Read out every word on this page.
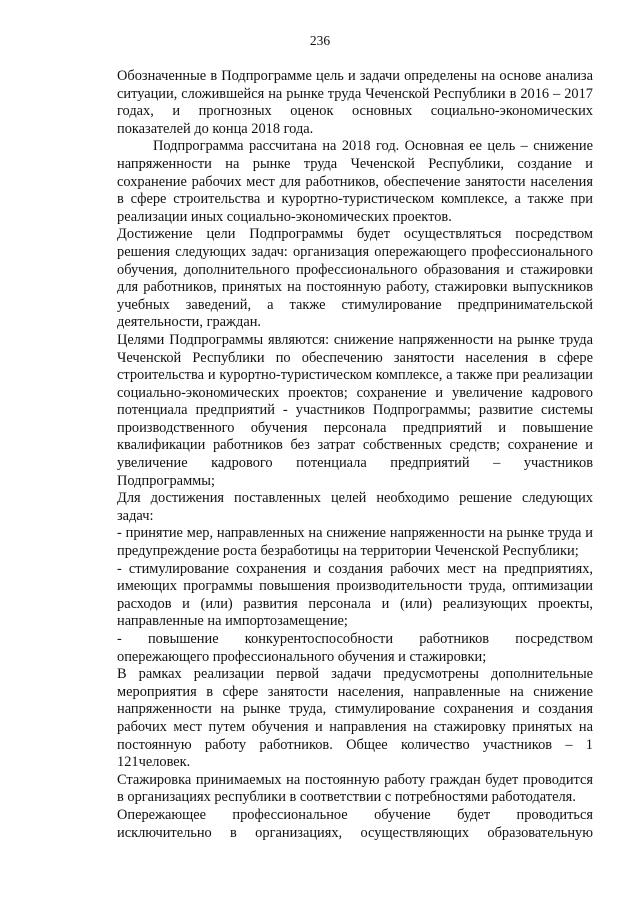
236

Обозначенные в Подпрограмме цель и задачи определены на основе анализа ситуации, сложившейся на рынке труда Чеченской Республики в 2016 – 2017 годах, и прогнозных оценок основных социально-экономических показателей до конца 2018 года.

Подпрограмма рассчитана на 2018 год. Основная ее цель – снижение напряженности на рынке труда Чеченской Республики, создание и сохранение рабочих мест для работников, обеспечение занятости населения в сфере строительства и курортно-туристическом комплексе, а также при реализации иных социально-экономических проектов.

Достижение цели Подпрограммы будет осуществляться посредством решения следующих задач: организация опережающего профессионального обучения, дополнительного профессионального образования и стажировки для работников, принятых на постоянную работу, стажировки выпускников учебных заведений, а также стимулирование предпринимательской деятельности, граждан.

Целями Подпрограммы являются: снижение напряженности на рынке труда Чеченской Республики по обеспечению занятости населения в сфере строительства и курортно-туристическом комплексе, а также при реализации социально-экономических проектов; сохранение и увеличение кадрового потенциала предприятий - участников Подпрограммы; развитие системы производственного обучения персонала предприятий и повышение квалификации работников без затрат собственных средств; сохранение и увеличение кадрового потенциала предприятий – участников Подпрограммы;

Для достижения поставленных целей необходимо решение следующих задач:

- принятие мер, направленных на снижение напряженности на рынке труда и предупреждение роста безработицы на территории Чеченской Республики;

- стимулирование сохранения и создания рабочих мест на предприятиях, имеющих программы повышения производительности труда, оптимизации расходов и (или) развития персонала и (или) реализующих проекты, направленные на импортозамещение;

- повышение конкурентоспособности работников посредством опережающего профессионального обучения и стажировки;

В рамках реализации первой задачи предусмотрены дополнительные мероприятия в сфере занятости населения, направленные на снижение напряженности на рынке труда, стимулирование сохранения и создания рабочих мест путем обучения и направления на стажировку принятых на постоянную работу работников. Общее количество участников – 1 121человек.

Стажировка принимаемых на постоянную работу граждан будет проводится в организациях республики в соответствии с потребностями работодателя.

Опережающее профессиональное обучение будет проводиться исключительно в организациях, осуществляющих образовательную
